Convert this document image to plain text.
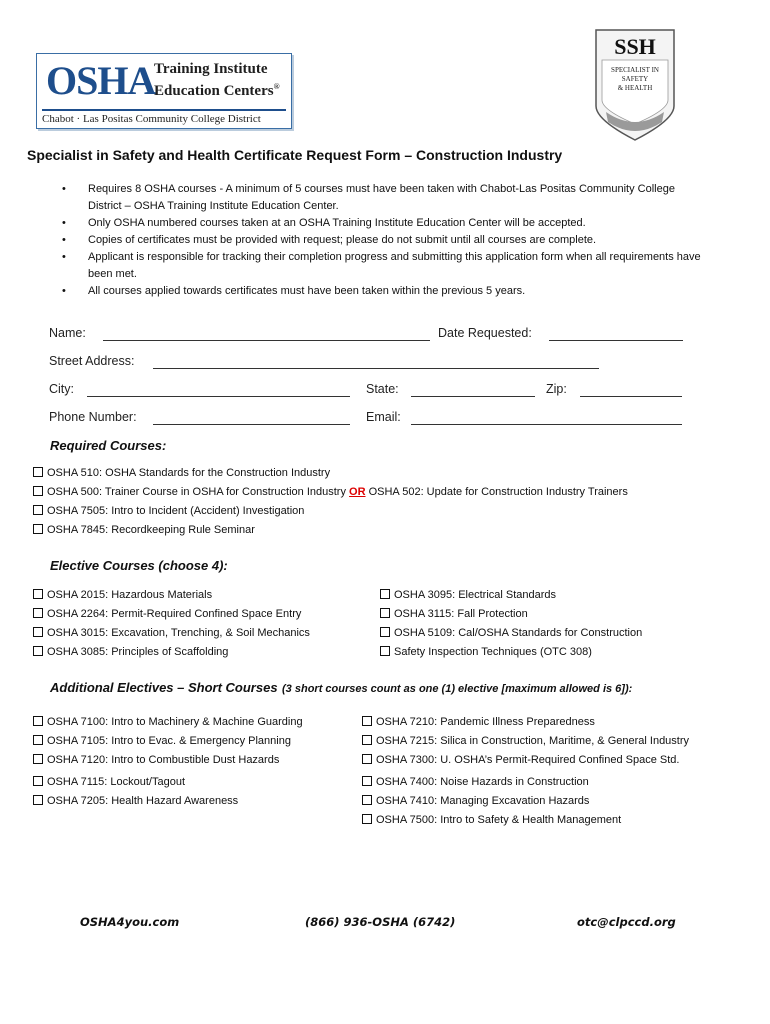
OSHA
Training Institute
Education Centers®
Chabot · Las Positas Community College District
SSH
SPECIALIST IN
SAFETY
& HEALTH
Specialist in Safety and Health Certificate Request Form – Construction Industry
• Requires 8 OSHA courses - A minimum of 5 courses must have been taken with Chabot-Las Positas Community College District – OSHA Training Institute Education Center.
• Only OSHA numbered courses taken at an OSHA Training Institute Education Center will be accepted.
• Copies of certificates must be provided with request; please do not submit until all courses are complete.
• Applicant is responsible for tracking their completion progress and submitting this application form when all requirements have been met.
• All courses applied towards certificates must have been taken within the previous 5 years.
Name:	Date Requested:
Street Address:
City:	State:	Zip:
Phone Number:	Email:
Required Courses:
OSHA 510: OSHA Standards for the Construction Industry
OSHA 500: Trainer Course in OSHA for Construction Industry OR OSHA 502: Update for Construction Industry Trainers
OSHA 7505: Intro to Incident (Accident) Investigation
OSHA 7845: Recordkeeping Rule Seminar
Elective Courses (choose 4):
OSHA 2015: Hazardous Materials
OSHA 2264: Permit-Required Confined Space Entry
OSHA 3015: Excavation, Trenching, & Soil Mechanics
OSHA 3085: Principles of Scaffolding
OSHA 3095: Electrical Standards
OSHA 3115: Fall Protection
OSHA 5109: Cal/OSHA Standards for Construction
Safety Inspection Techniques (OTC 308)
Additional Electives – Short Courses (3 short courses count as one (1) elective [maximum allowed is 6]):
OSHA 7100: Intro to Machinery & Machine Guarding
OSHA 7105: Intro to Evac. & Emergency Planning
OSHA 7120: Intro to Combustible Dust Hazards
OSHA 7115: Lockout/Tagout
OSHA 7205: Health Hazard Awareness
OSHA 7210: Pandemic Illness Preparedness
OSHA 7215: Silica in Construction, Maritime, & General Industry
OSHA 7300: U. OSHA’s Permit-Required Confined Space Std.
OSHA 7400: Noise Hazards in Construction
OSHA 7410: Managing Excavation Hazards
OSHA 7500: Intro to Safety & Health Management
OSHA4you.com	(866) 936-OSHA (6742)	otc@clpccd.org
